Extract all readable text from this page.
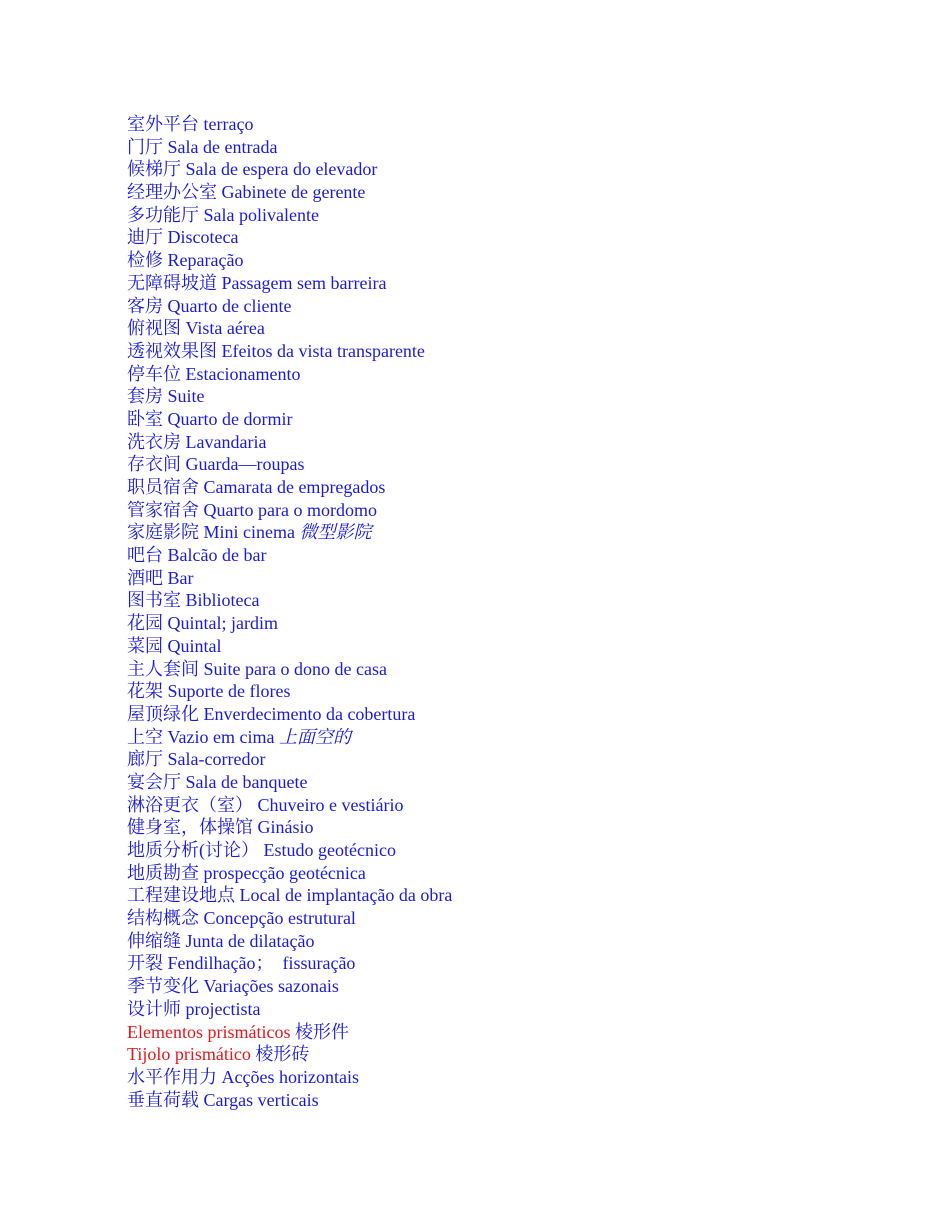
室外平台 terraço
门厅 Sala de entrada
候梯厅 Sala de espera do elevador
经理办公室 Gabinete de gerente
多功能厅 Sala polivalente
迪厅 Discoteca
检修 Reparação
无障碍坡道 Passagem sem barreira
客房 Quarto de cliente
俯视图 Vista aérea
透视效果图 Efeitos da vista transparente
停车位 Estacionamento
套房 Suite
卧室 Quarto de dormir
洗衣房 Lavandaria
存衣间 Guarda—roupas
职员宿舍 Camarata de empregados
管家宿舍 Quarto para o mordomo
家庭影院 Mini cinema 微型影院
吧台 Balcão de bar
酒吧 Bar
图书室 Biblioteca
花园 Quintal; jardim
菜园 Quintal
主人套间 Suite para o dono de casa
花架 Suporte de flores
屋顶绿化 Enverdecimento da cobertura
上空 Vazio em cima 上面空的
廊厅 Sala-corredor
宴会厅 Sala de banquete
淋浴更衣（室） Chuveiro e vestiário
健身室，体操馆 Ginásio
地质分析(讨论） Estudo geotécnico
地质勘查 prospecção geotécnica
工程建设地点 Local de implantação da obra
结构概念 Concepção estrutural
伸缩缝 Junta de dilatação
开裂 Fendilhação；  fissuração
季节变化 Variações sazonais
设计师 projectista
Elementos prismáticos 棱形件
Tijolo prismático 棱形砖
水平作用力 Acções horizontais
垂直荷载 Cargas verticais
